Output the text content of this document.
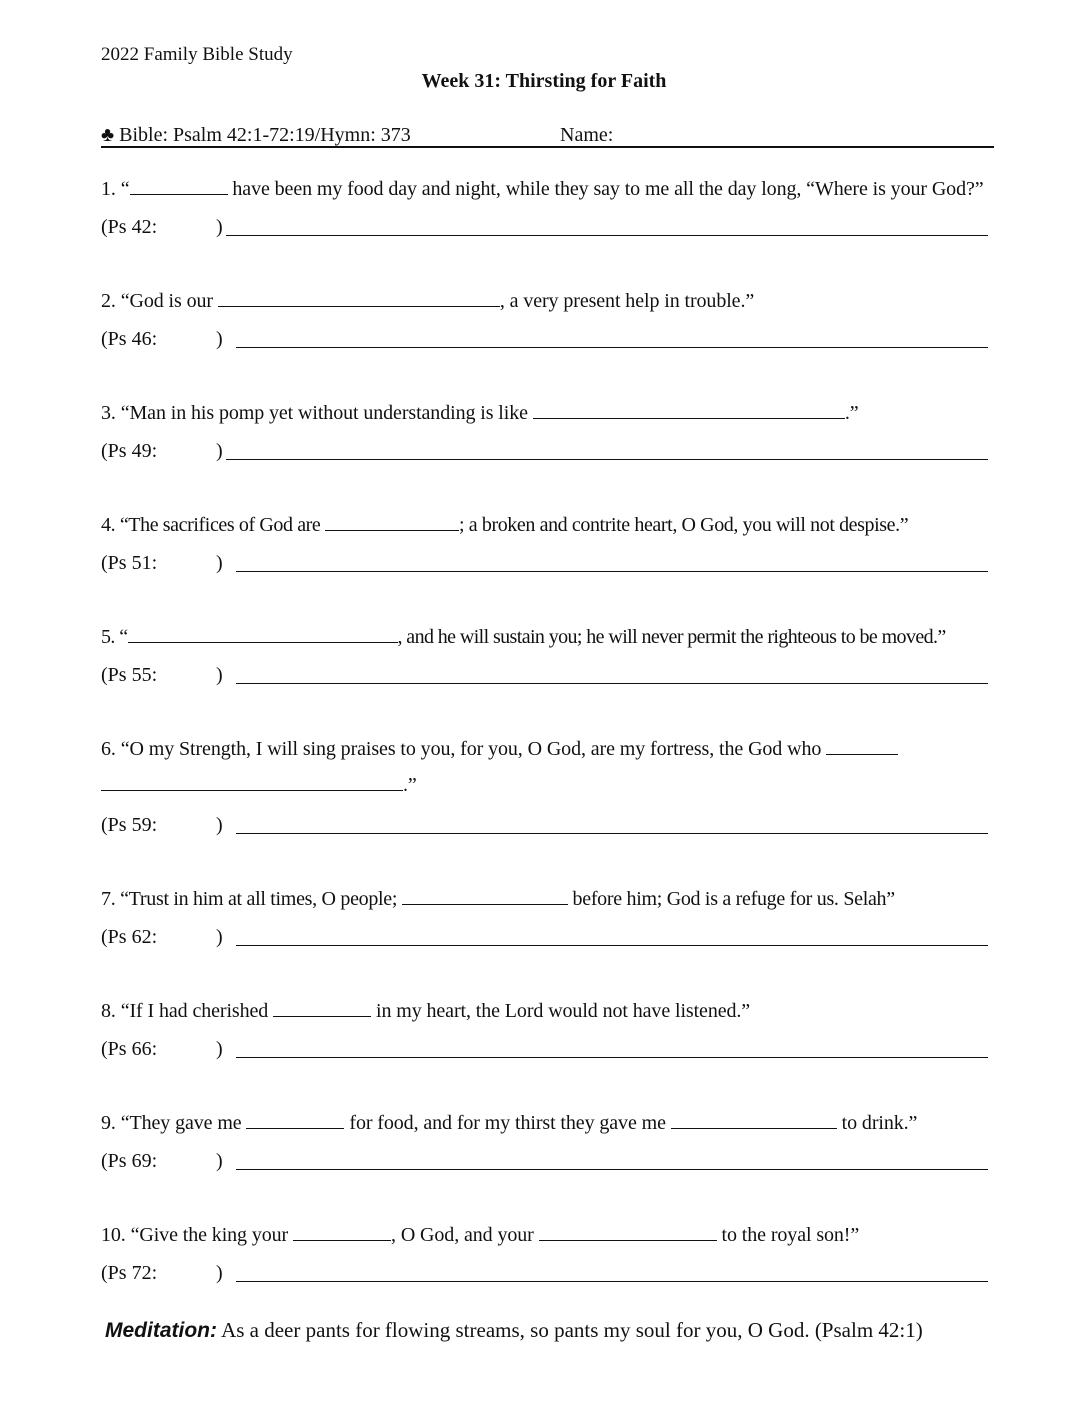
2022 Family Bible Study
Week 31: Thirsting for Faith
♣ Bible: Psalm 42:1-72:19/Hymn: 373	Name:
1. “	have been my food day and night, while they say to me all the day long, “Where is your God?”
(Ps 42:	)
2. “God is our	, a very present help in trouble.”
(Ps 46:	)
3. “Man in his pomp yet without understanding is like	.”
(Ps 49:	)
4. “The sacrifices of God are	; a broken and contrite heart, O God, you will not despise.”
(Ps 51:	)
5. “	, and he will sustain you; he will never permit the righteous to be moved.”
(Ps 55:	)
6. “O my Strength, I will sing praises to you, for you, O God, are my fortress, the God who
.”
(Ps 59:	)
7. “Trust in him at all times, O people;	before him; God is a refuge for us. Selah”
(Ps 62:	)
8. “If I had cherished	in my heart, the Lord would not have listened.”
(Ps 66:	)
9. “They gave me	for food, and for my thirst they gave me	to drink.”
(Ps 69:	)
10. “Give the king your	, O God, and your	to the royal son!”
(Ps 72:	)
Meditation: As a deer pants for flowing streams, so pants my soul for you, O God. (Psalm 42:1)
